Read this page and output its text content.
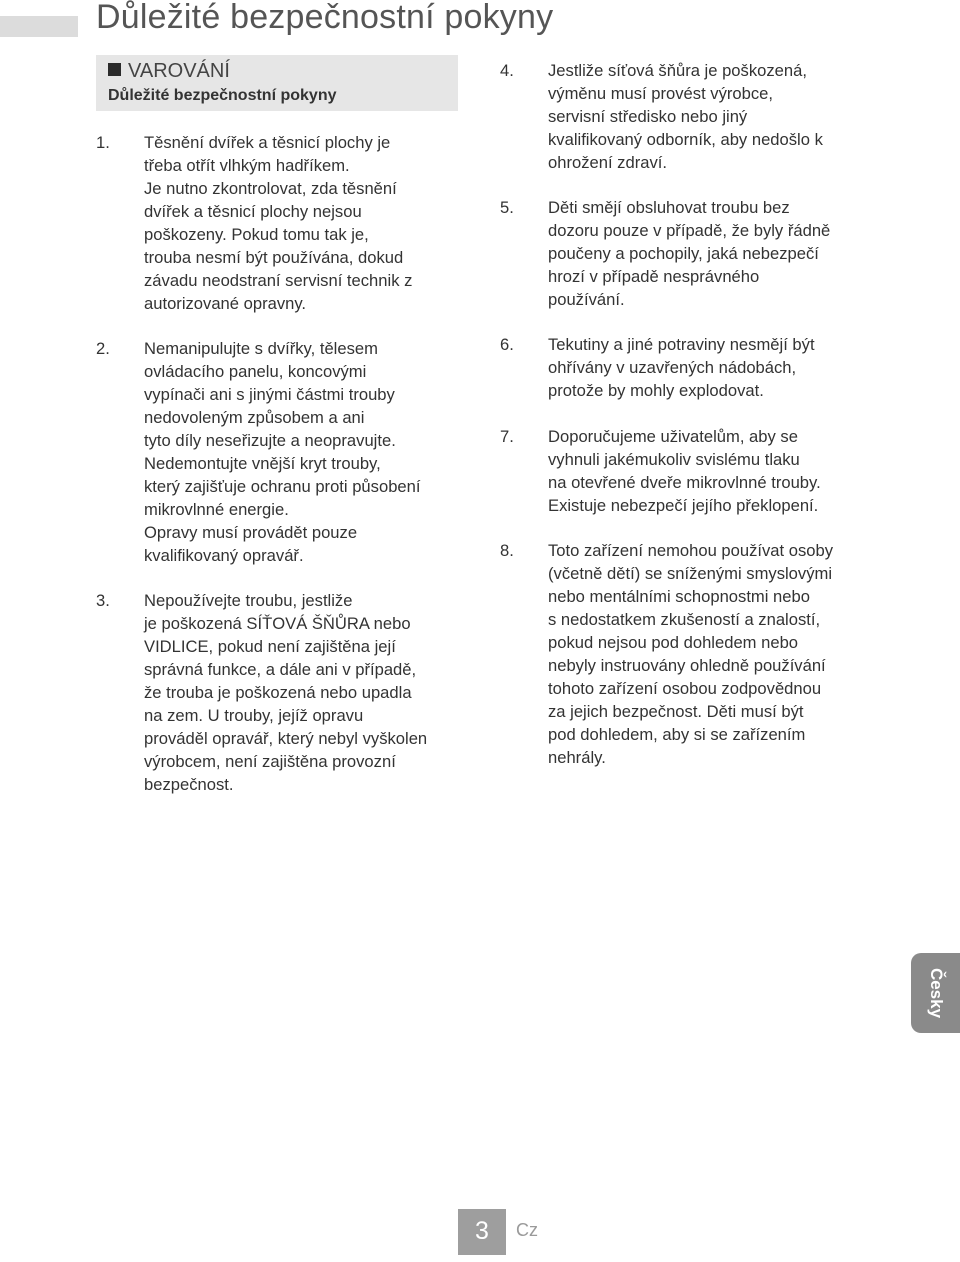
Důležité bezpečnostní pokyny
VAROVÁNÍ
Důležité bezpečnostní pokyny
1. Těsnění dvířek a těsnicí plochy je
třeba otřít vlhkým hadříkem.
Je nutno zkontrolovat, zda těsnění
dvířek a těsnicí plochy nejsou
poškozeny. Pokud tomu tak je,
trouba nesmí být používána, dokud
závadu neodstraní servisní technik z
autorizované opravny.
2. Nemanipulujte s dvířky, tělesem
ovládacího panelu, koncovými
vypínači ani s jinými částmi trouby
nedovoleným způsobem a ani
tyto díly neseřizujte a neopravujte.
Nedemontujte vnější kryt trouby,
který zajišťuje ochranu proti působení
mikrovlnné energie.
Opravy musí provádět pouze
kvalifikovaný opravář.
3. Nepoužívejte troubu, jestliže
je poškozená SÍŤOVÁ ŠŇŮRA nebo
VIDLICE, pokud není zajištěna její
správná funkce, a dále ani v případě,
že trouba je poškozená nebo upadla
na zem. U trouby, jejíž opravu
prováděl opravář, který nebyl vyškolen
výrobcem, není zajištěna provozní
bezpečnost.
4. Jestliže síťová šňůra je poškozená,
výměnu musí provést výrobce,
servisní středisko nebo jiný
kvalifikovaný odborník, aby nedošlo k
ohrožení zdraví.
5. Děti smějí obsluhovat troubu bez
dozoru pouze v případě, že byly řádně
poučeny a pochopily, jaká nebezpečí
hrozí v případě nesprávného
používání.
6. Tekutiny a jiné potraviny nesmějí být
ohřívány v uzavřených nádobách,
protože by mohly explodovat.
7. Doporučujeme uživatelům, aby se
vyhnuli jakémukoliv svislému tlaku
na otevřené dveře mikrovlnné trouby.
Existuje nebezpečí jejího překlopení.
8. Toto zařízení nemohou používat osoby
(včetně dětí) se sníženými smyslovými
nebo mentálními schopnostmi nebo
s nedostatkem zkušeností a znalostí,
pokud nejsou pod dohledem nebo
nebyly instruovány ohledně používání
tohoto zařízení osobou zodpovědnou
za jejich bezpečnost. Děti musí být
pod dohledem, aby si se zařízením
nehrály.
Česky
3	Cz
